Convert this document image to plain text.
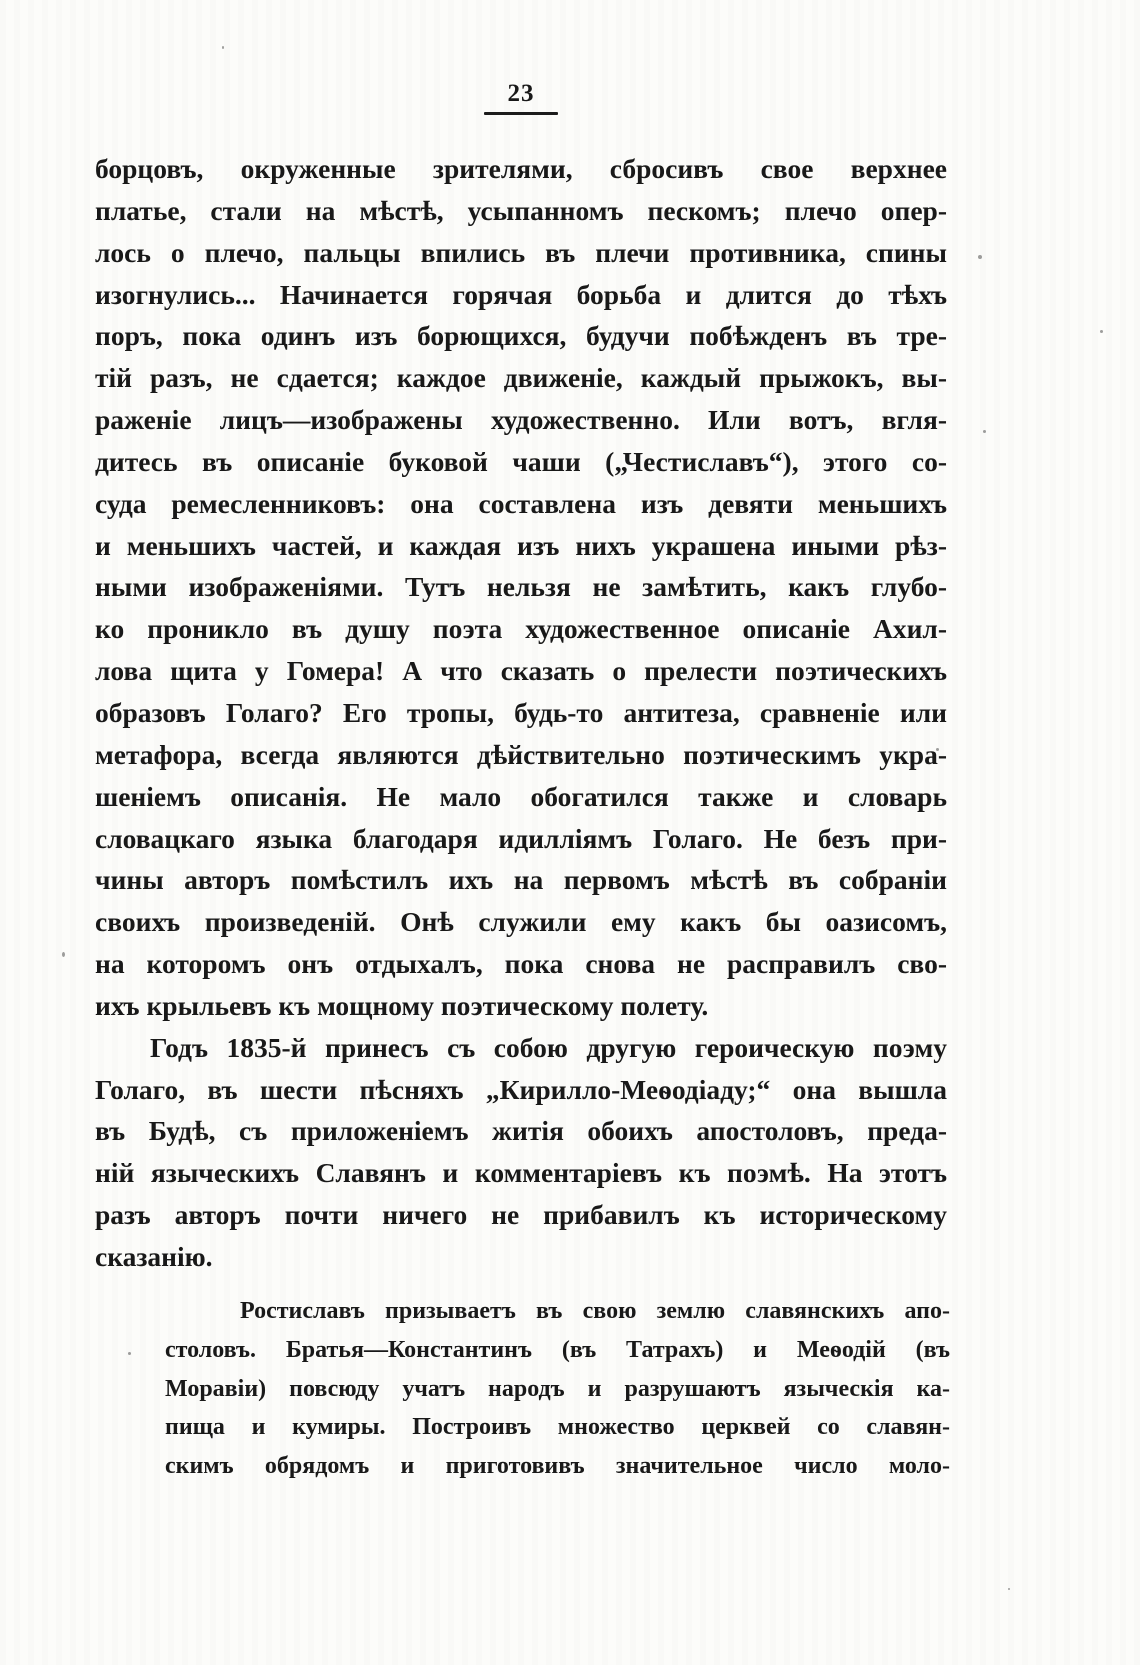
23
борцовъ, окруженные зрителями, сбросивъ свое верхнее
платье, стали на мѣстѣ, усыпанномъ пескомъ; плечо опер-
лось о плечо, пальцы впились въ плечи противника, спины
изогнулись... Начинается горячая борьба и длится до тѣхъ
поръ, пока одинъ изъ борющихся, будучи побѣжденъ въ тре-
тій разъ, не сдается; каждое движеніе, каждый прыжокъ, вы-
раженіе лицъ—изображены художественно. Или вотъ, вгля-
дитесь въ описаніе буковой чаши („Честиславъ“), этого со-
суда ремесленниковъ: она составлена изъ девяти меньшихъ
и меньшихъ частей, и каждая изъ нихъ украшена иными рѣз-
ными изображеніями. Тутъ нельзя не замѣтить, какъ глубо-
ко проникло въ душу поэта художественное описаніе Ахил-
лова щита у Гомера! А что сказать о прелести поэтическихъ
образовъ Голаго? Его тропы, будь-то антитеза, сравненіе или
метафора, всегда являются дѣйствительно поэтическимъ укра-
шеніемъ описанія. Не мало обогатился также и словарь
словацкаго языка благодаря идилліямъ Голаго. Не безъ при-
чины авторъ помѣстилъ ихъ на первомъ мѣстѣ въ собраніи
своихъ произведеній. Онѣ служили ему какъ бы оазисомъ,
на которомъ онъ отдыхалъ, пока снова не расправилъ сво-
ихъ крыльевъ къ мощному поэтическому полету.
Годъ 1835-й принесъ съ собою другую героическую поэму
Голаго, въ шести пѣсняхъ „Кирилло-Меѳодіаду;“ она вышла
въ Будѣ, съ приложеніемъ житія обоихъ апостоловъ, преда-
ній языческихъ Славянъ и комментаріевъ къ поэмѣ. На этотъ
разъ авторъ почти ничего не прибавилъ къ историческому
сказанію.
Ростиславъ призываетъ въ свою землю славянскихъ апо-
столовъ. Братья—Константинъ (въ Татрахъ) и Меѳодій (въ
Моравіи) повсюду учатъ народъ и разрушаютъ языческія ка-
пища и кумиры. Построивъ множество церквей со славян-
скимъ обрядомъ и приготовивъ значительное число моло-
